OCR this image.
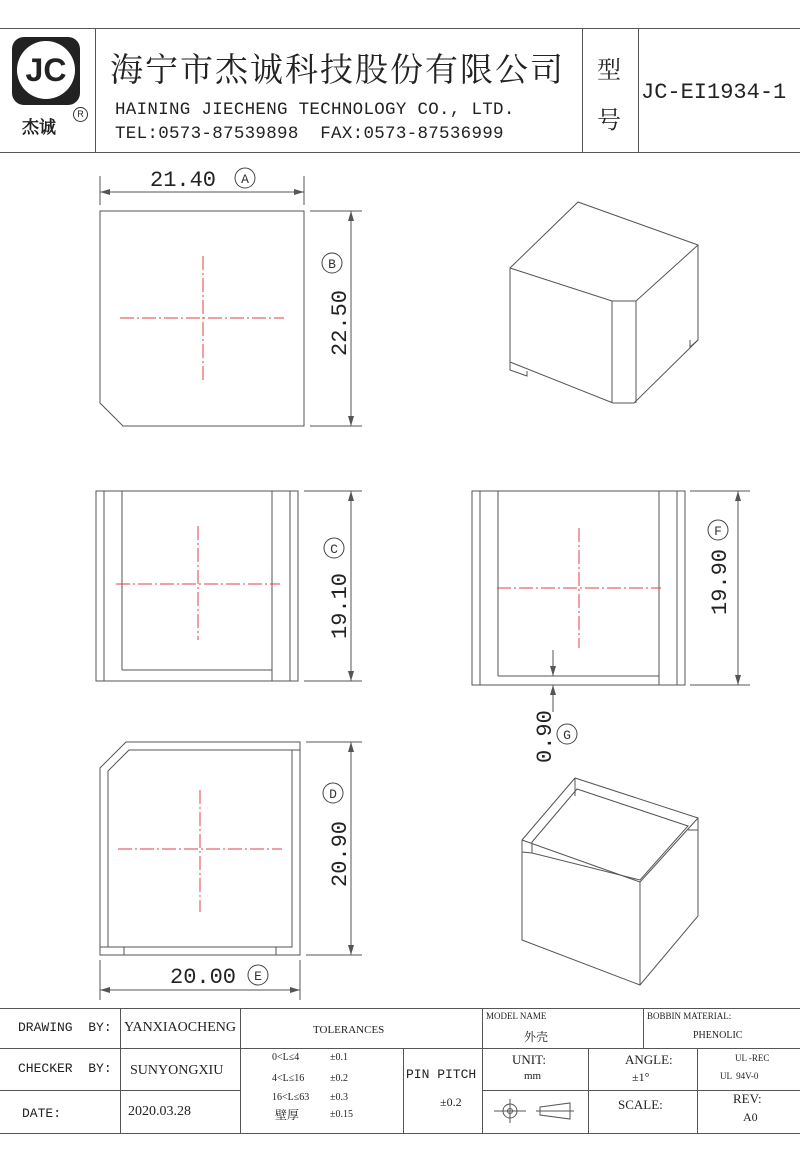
JC
杰诚
R
海宁市杰诚科技股份有限公司
HAINING JIECHENG TECHNOLOGY CO., LTD.
TEL:0573-87539898  FAX:0573-87536999
型
号
JC-EI1934-1
A
B
C
F
G
D
E
21.40
22.50
19.10	19.90
0.90
20.90
20.00
DRAWING  BY: YANXIAOCHENG
CHECKER  BY: SUNYONGXIU
DATE:	2020.03.28
TOLERANCES
0<L≤4	±0.1
4<L≤16	±0.2
16<L≤63 ±0.3
壁厚	±0.15
PIN PITCH
±0.2
MODEL NAME
外壳
BOBBIN MATERIAL:
PHENOLIC
UNIT:
mm
ANGLE:
±1°
UL -REC
UL  94V-0
SCALE:	REV:
A0
